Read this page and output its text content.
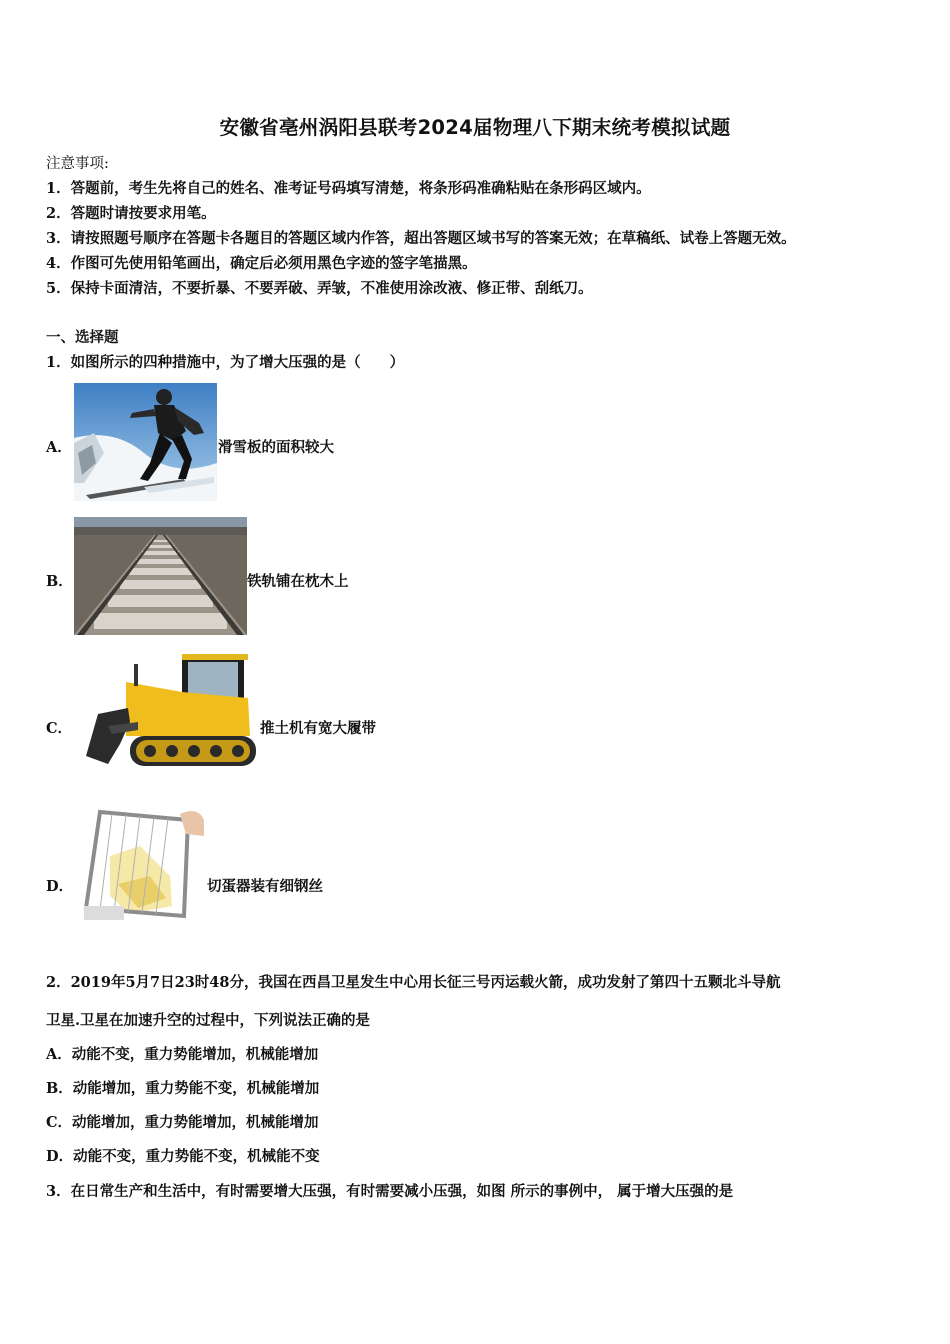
安徽省亳州涡阳县联考2024届物理八下期末统考模拟试题
注意事项:
1．答题前，考生先将自己的姓名、准考证号码填写清楚，将条形码准确粘贴在条形码区域内。
2．答题时请按要求用笔。
3．请按照题号顺序在答题卡各题目的答题区域内作答，超出答题区域书写的答案无效；在草稿纸、试卷上答题无效。
4．作图可先使用铅笔画出，确定后必须用黑色字迹的签字笔描黑。
5．保持卡面清洁，不要折暴、不要弄破、弄皱，不准使用涂改液、修正带、刮纸刀。
一、选择题
1．如图所示的四种措施中，为了增大压强的是（　　）
A．	滑雪板的面积较大
B．	铁轨铺在枕木上
C．	推土机有宽大履带
D．	切蛋器装有细钢丝
2．2019年5月7日23时48分，我国在西昌卫星发生中心用长征三号丙运载火箭，成功发射了第四十五颗北斗导航
卫星.卫星在加速升空的过程中，下列说法正确的是
A．动能不变，重力势能增加，机械能增加
B．动能增加，重力势能不变，机械能增加
C．动能增加，重力势能增加，机械能增加
D．动能不变，重力势能不变，机械能不变
3．在日常生产和生活中，有时需要增大压强，有时需要减小压强，如图 所示的事例中， 属于增大压强的是
